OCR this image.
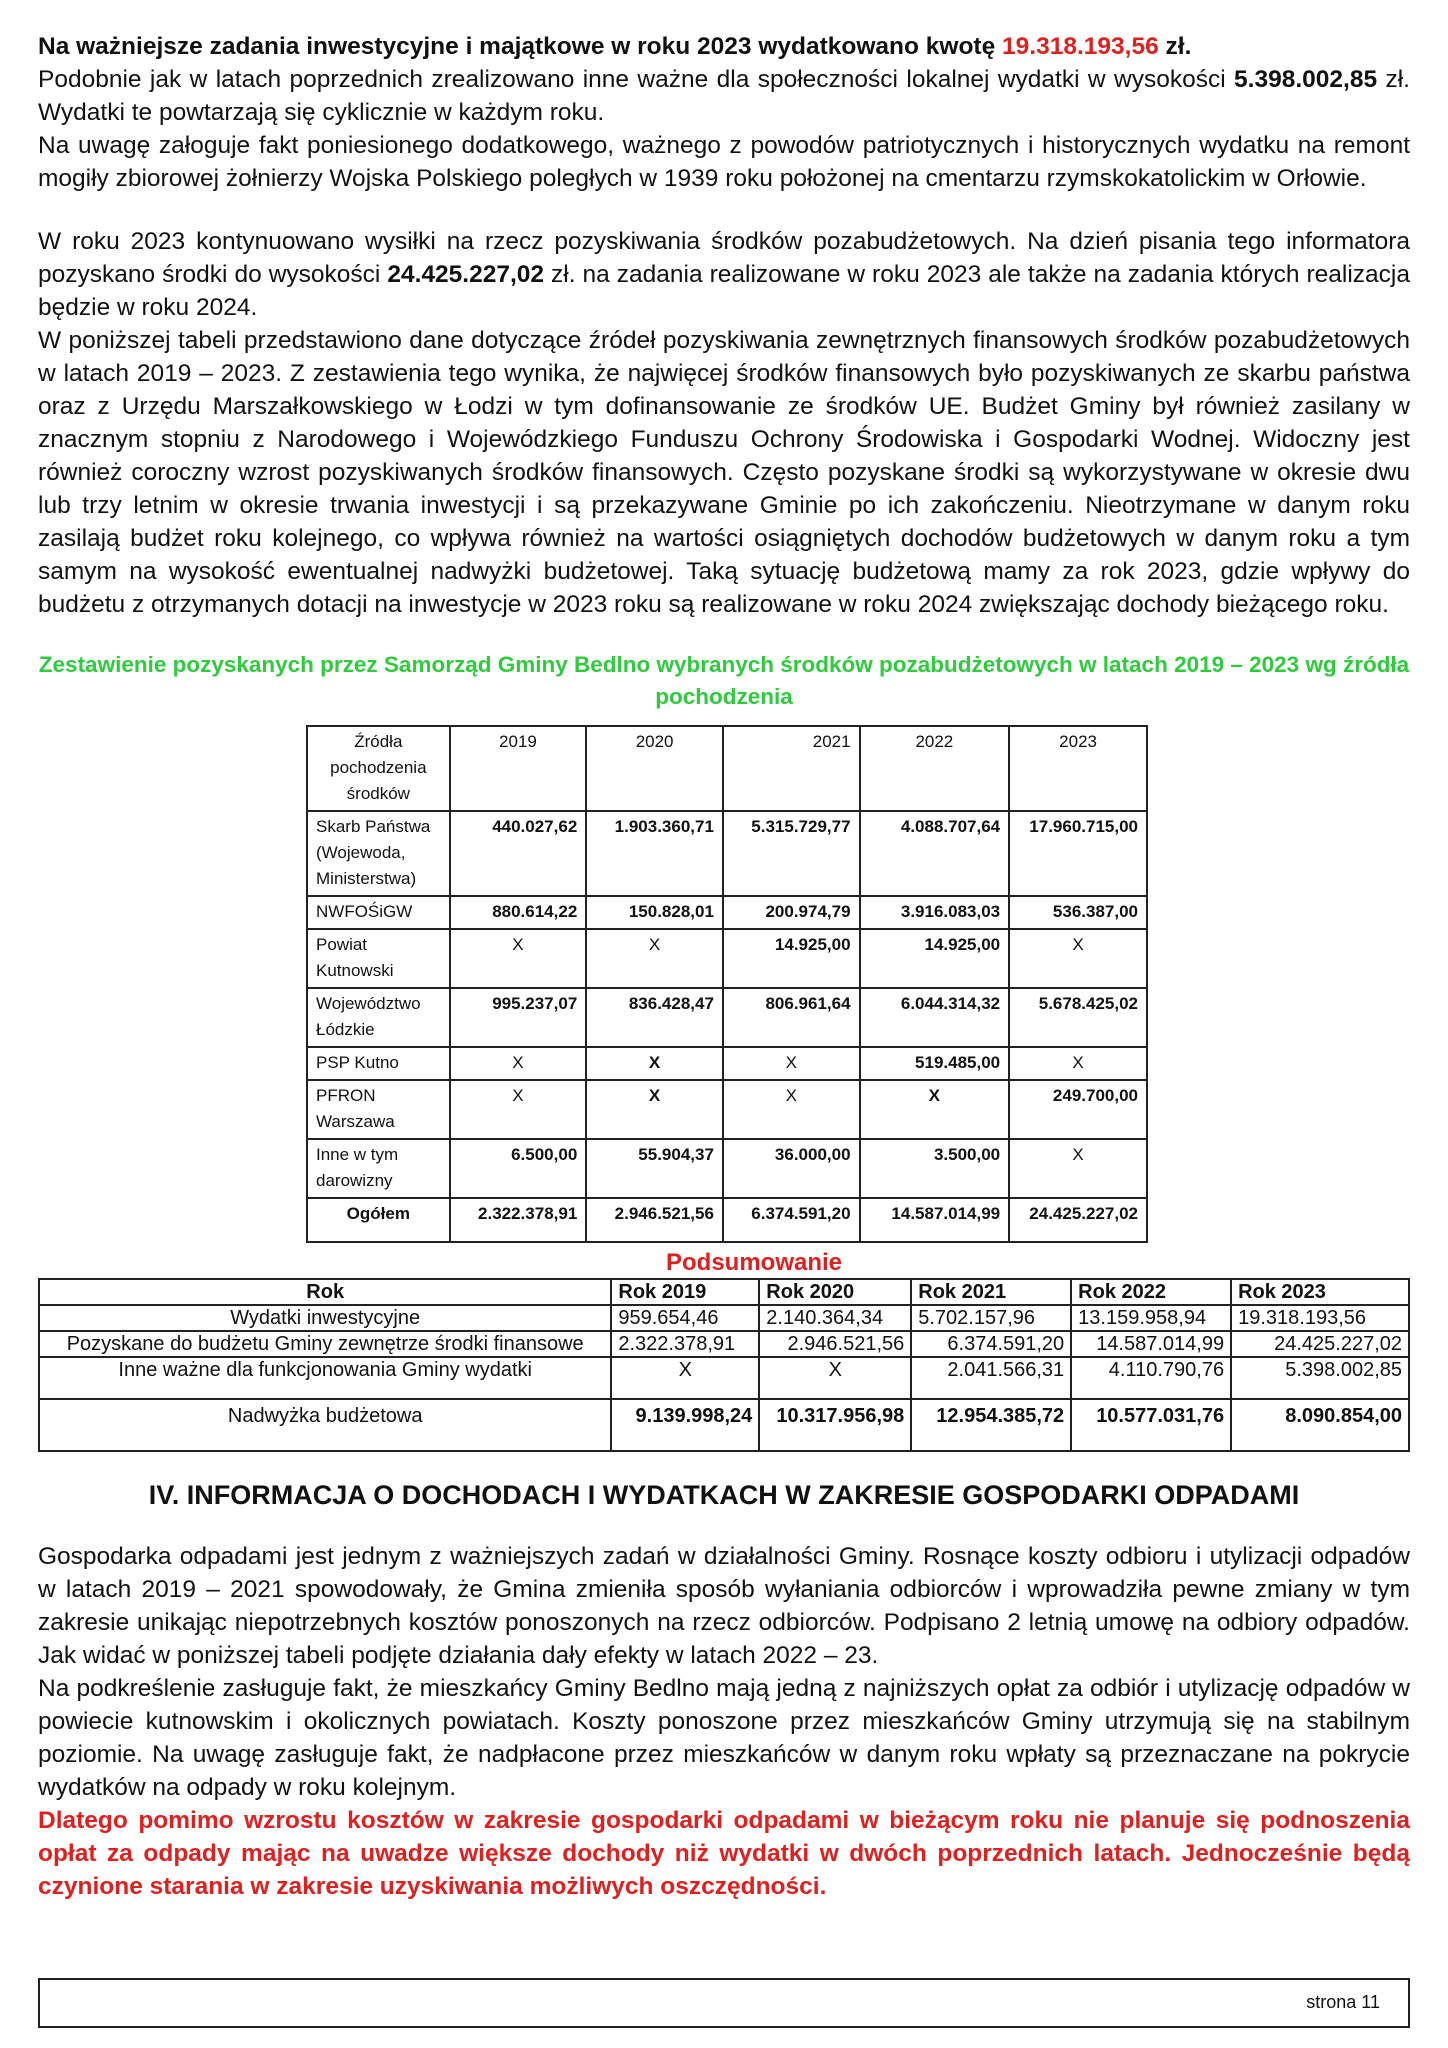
Na ważniejsze zadania inwestycyjne i majątkowe w roku 2023 wydatkowano kwotę 19.318.193,56 zł.

Podobnie jak w latach poprzednich zrealizowano inne ważne dla społeczności lokalnej wydatki w wysokości 5.398.002,85 zł. Wydatki te powtarzają się cyklicznie w każdym roku.

Na uwagę załoguje fakt poniesionego dodatkowego, ważnego z powodów patriotycznych i historycznych wydatku na remont mogiły zbiorowej żołnierzy Wojska Polskiego poległych w 1939 roku położonej na cmentarzu rzymskokatolickim w Orłowie.

W roku 2023 kontynuowano wysiłki na rzecz pozyskiwania środków pozabudżetowych. Na dzień pisania tego informatora pozyskano środki do wysokości 24.425.227,02 zł. na zadania realizowane w roku 2023 ale także na zadania których realizacja będzie w roku 2024.

W poniższej tabeli przedstawiono dane dotyczące źródeł pozyskiwania zewnętrznych finansowych środków pozabudżetowych w latach 2019 – 2023. Z zestawienia tego wynika, że najwięcej środków finansowych było pozyskiwanych ze skarbu państwa oraz z Urzędu Marszałkowskiego w Łodzi w tym dofinansowanie ze środków UE. Budżet Gminy był również zasilany w znacznym stopniu z Narodowego i Wojewódzkiego Funduszu Ochrony Środowiska i Gospodarki Wodnej. Widoczny jest również coroczny wzrost pozyskiwanych środków finansowych. Często pozyskane środki są wykorzystywane w okresie dwu lub trzy letnim w okresie trwania inwestycji i są przekazywane Gminie po ich zakończeniu. Nieotrzymane w danym roku zasilają budżet roku kolejnego, co wpływa również na wartości osiągniętych dochodów budżetowych w danym roku a tym samym na wysokość ewentualnej nadwyżki budżetowej. Taką sytuację budżetową mamy za rok 2023, gdzie wpływy do budżetu z otrzymanych dotacji na inwestycje w 2023 roku są realizowane w roku 2024 zwiększając dochody bieżącego roku.

Zestawienie pozyskanych przez Samorząd Gminy Bedlno wybranych środków pozabudżetowych w latach 2019 – 2023 wg źródła pochodzenia
Źródła pochodzenia środków	2019	2020	2021	2022	2023
Skarb Państwa (Wojewoda, Ministerstwa)	440.027,62	1.903.360,71	5.315.729,77	4.088.707,64	17.960.715,00
NWFOŚiGW	880.614,22	150.828,01	200.974,79	3.916.083,03	536.387,00
Powiat Kutnowski	X	X	14.925,00	14.925,00	X
Województwo Łódzkie	995.237,07	836.428,47	806.961,64	6.044.314,32	5.678.425,02
PSP Kutno	X	X	X	519.485,00	X
PFRON Warszawa	X	X	X	X	249.700,00
Inne w tym darowizny	6.500,00	55.904,37	36.000,00	3.500,00	X
Ogółem	2.322.378,91	2.946.521,56	6.374.591,20	14.587.014,99	24.425.227,02
Podsumowanie
Rok	Rok 2019	Rok 2020	Rok 2021	Rok 2022	Rok 2023
Wydatki inwestycyjne	959.654,46	2.140.364,34	5.702.157,96	13.159.958,94	19.318.193,56
Pozyskane do budżetu Gminy zewnętrze środki finansowe	2.322.378,91	2.946.521,56	6.374.591,20	14.587.014,99	24.425.227,02
Inne ważne dla funkcjonowania Gminy wydatki	X	X	2.041.566,31	4.110.790,76	5.398.002,85
Nadwyżka budżetowa	9.139.998,24	10.317.956,98	12.954.385,72	10.577.031,76	8.090.854,00
IV. INFORMACJA O DOCHODACH I WYDATKACH W ZAKRESIE GOSPODARKI ODPADAMI

Gospodarka odpadami jest jednym z ważniejszych zadań w działalności Gminy. Rosnące koszty odbioru i utylizacji odpadów w latach 2019 – 2021 spowodowały, że Gmina zmieniła sposób wyłaniania odbiorców i wprowadziła pewne zmiany w tym zakresie unikając niepotrzebnych kosztów ponoszonych na rzecz odbiorców. Podpisano 2 letnią umowę na odbiory odpadów. Jak widać w poniższej tabeli podjęte działania dały efekty w latach 2022 – 23.

Na podkreślenie zasługuje fakt, że mieszkańcy Gminy Bedlno mają jedną z najniższych opłat za odbiór i utylizację odpadów w powiecie kutnowskim i okolicznych powiatach. Koszty ponoszone przez mieszkańców Gminy utrzymują się na stabilnym poziomie. Na uwagę zasługuje fakt, że nadpłacone przez mieszkańców w danym roku wpłaty są przeznaczane na pokrycie wydatków na odpady w roku kolejnym.

Dlatego pomimo wzrostu kosztów w zakresie gospodarki odpadami w bieżącym roku nie planuje się podnoszenia opłat za odpady mając na uwadze większe dochody niż wydatki w dwóch poprzednich latach. Jednocześnie będą czynione starania w zakresie uzyskiwania możliwych oszczędności.

strona 11
